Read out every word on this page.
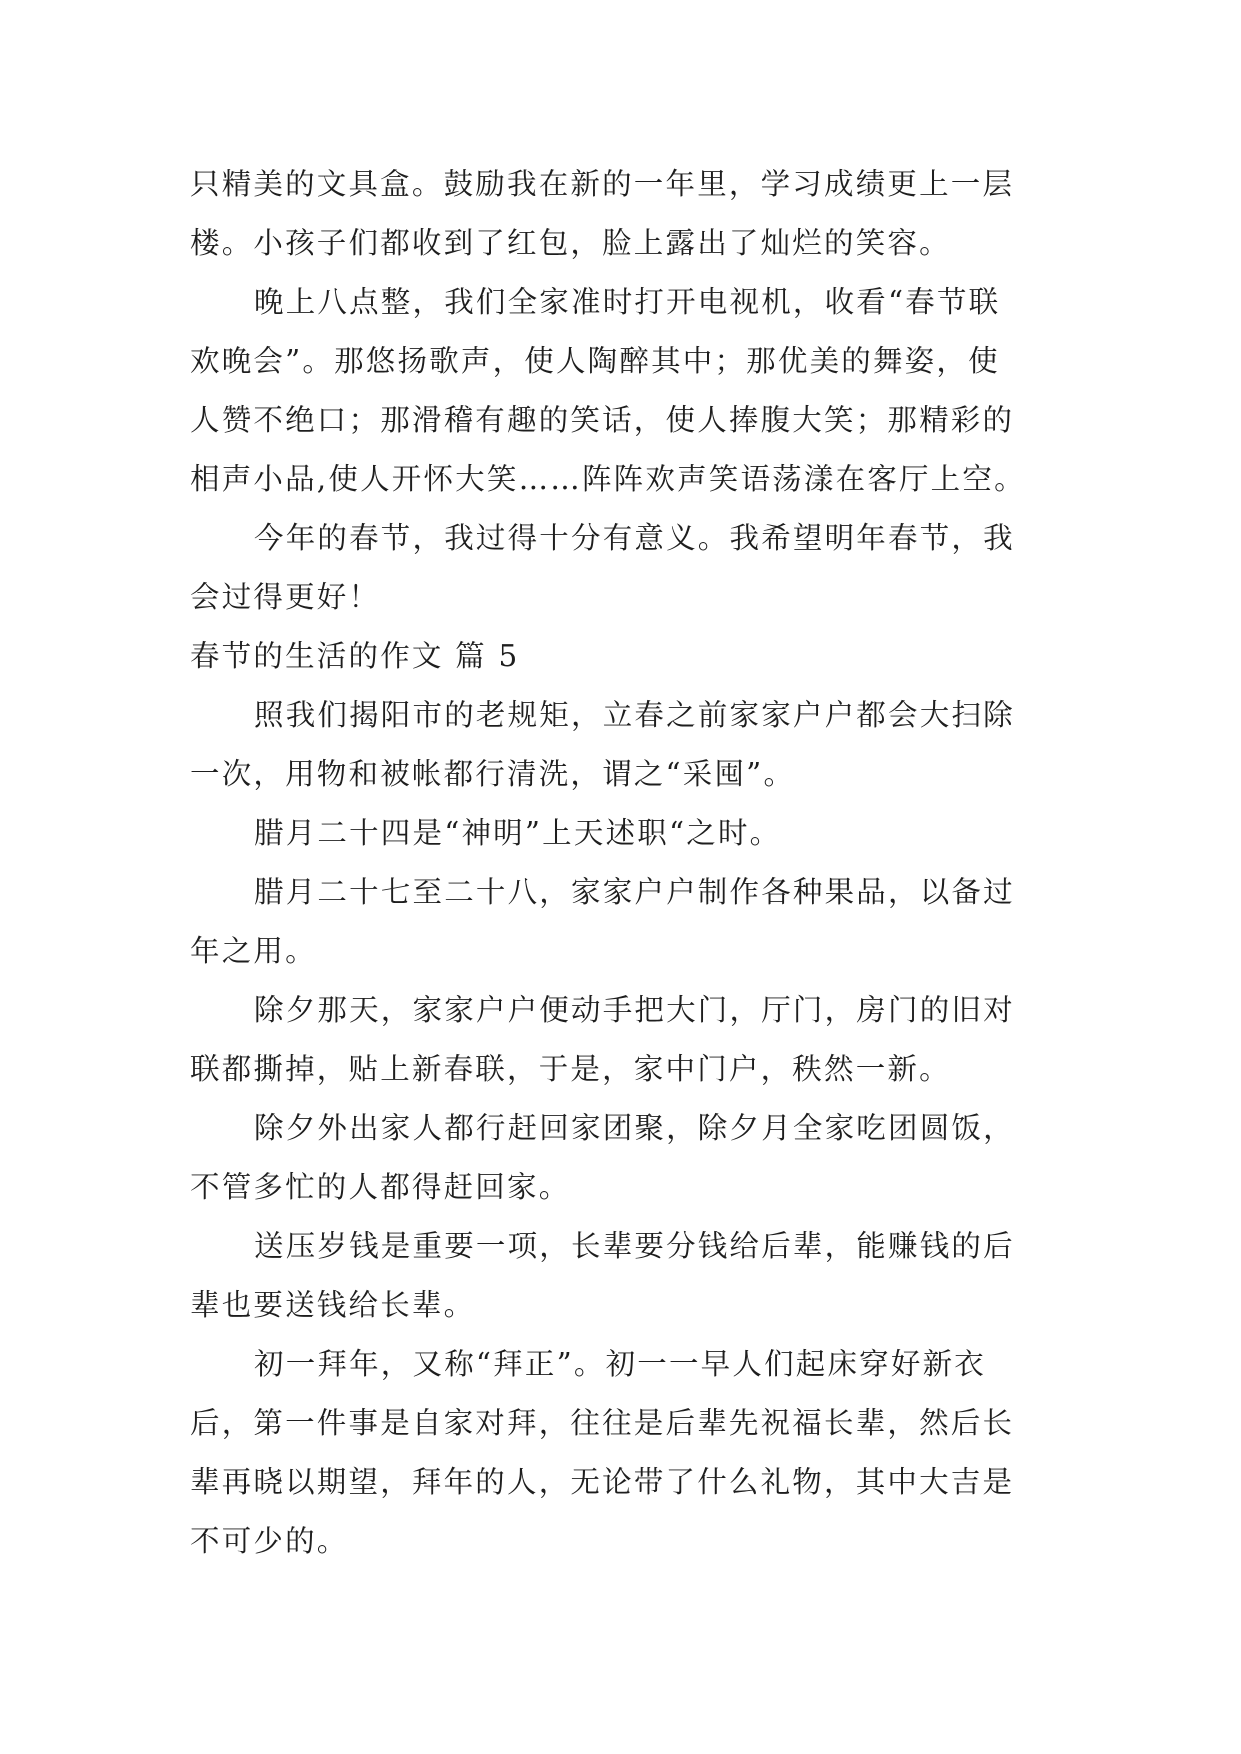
只精美的文具盒。鼓励我在新的一年里，学习成绩更上一层
楼。小孩子们都收到了红包，脸上露出了灿烂的笑容。

晚上八点整，我们全家准时打开电视机，收看“春节联
欢晚会”。那悠扬歌声，使人陶醉其中；那优美的舞姿，使
人赞不绝口；那滑稽有趣的笑话，使人捧腹大笑；那精彩的
相声小品,使人开怀大笑……阵阵欢声笑语荡漾在客厅上空。

今年的春节，我过得十分有意义。我希望明年春节，我
会过得更好！

春节的生活的作文 篇 5

照我们揭阳市的老规矩，立春之前家家户户都会大扫除
一次，用物和被帐都行清洗，谓之“采囤”。

腊月二十四是“神明”上天述职“之时。

腊月二十七至二十八，家家户户制作各种果品，以备过
年之用。

除夕那天，家家户户便动手把大门，厅门，房门的旧对
联都撕掉，贴上新春联，于是，家中门户，秩然一新。

除夕外出家人都行赶回家团聚，除夕月全家吃团圆饭，
不管多忙的人都得赶回家。

送压岁钱是重要一项，长辈要分钱给后辈，能赚钱的后
辈也要送钱给长辈。

初一拜年，又称“拜正”。初一一早人们起床穿好新衣
后，第一件事是自家对拜，往往是后辈先祝福长辈，然后长
辈再晓以期望，拜年的人，无论带了什么礼物，其中大吉是
不可少的。
